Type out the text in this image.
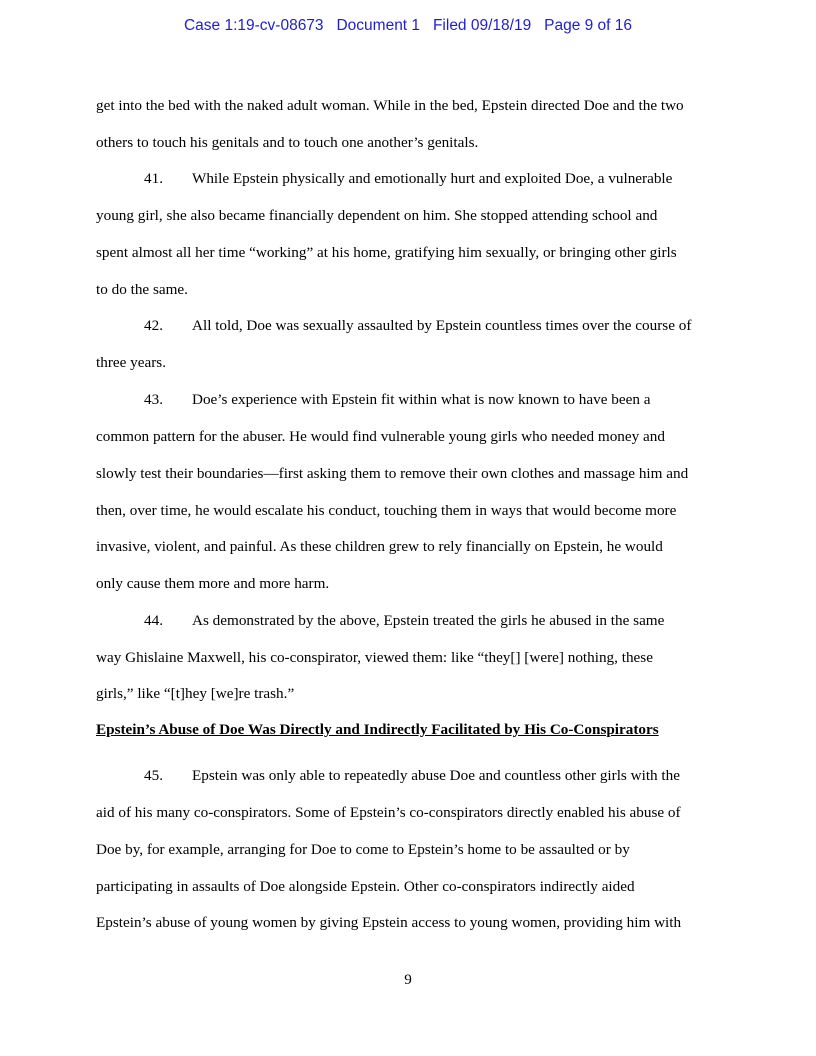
Case 1:19-cv-08673   Document 1   Filed 09/18/19   Page 9 of 16
get into the bed with the naked adult woman. While in the bed, Epstein directed Doe and the two
others to touch his genitals and to touch one another’s genitals.
41. While Epstein physically and emotionally hurt and exploited Doe, a vulnerable
young girl, she also became financially dependent on him. She stopped attending school and
spent almost all her time “working” at his home, gratifying him sexually, or bringing other girls
to do the same.
42. All told, Doe was sexually assaulted by Epstein countless times over the course of
three years.
43. Doe’s experience with Epstein fit within what is now known to have been a
common pattern for the abuser. He would find vulnerable young girls who needed money and
slowly test their boundaries—first asking them to remove their own clothes and massage him and
then, over time, he would escalate his conduct, touching them in ways that would become more
invasive, violent, and painful. As these children grew to rely financially on Epstein, he would
only cause them more and more harm.
44. As demonstrated by the above, Epstein treated the girls he abused in the same
way Ghislaine Maxwell, his co-conspirator, viewed them: like “they[] [were] nothing, these
girls,” like “[t]hey [we]re trash.”
Epstein’s Abuse of Doe Was Directly and Indirectly Facilitated by His Co-Conspirators
45. Epstein was only able to repeatedly abuse Doe and countless other girls with the
aid of his many co-conspirators. Some of Epstein’s co-conspirators directly enabled his abuse of
Doe by, for example, arranging for Doe to come to Epstein’s home to be assaulted or by
participating in assaults of Doe alongside Epstein. Other co-conspirators indirectly aided
Epstein’s abuse of young women by giving Epstein access to young women, providing him with
9
